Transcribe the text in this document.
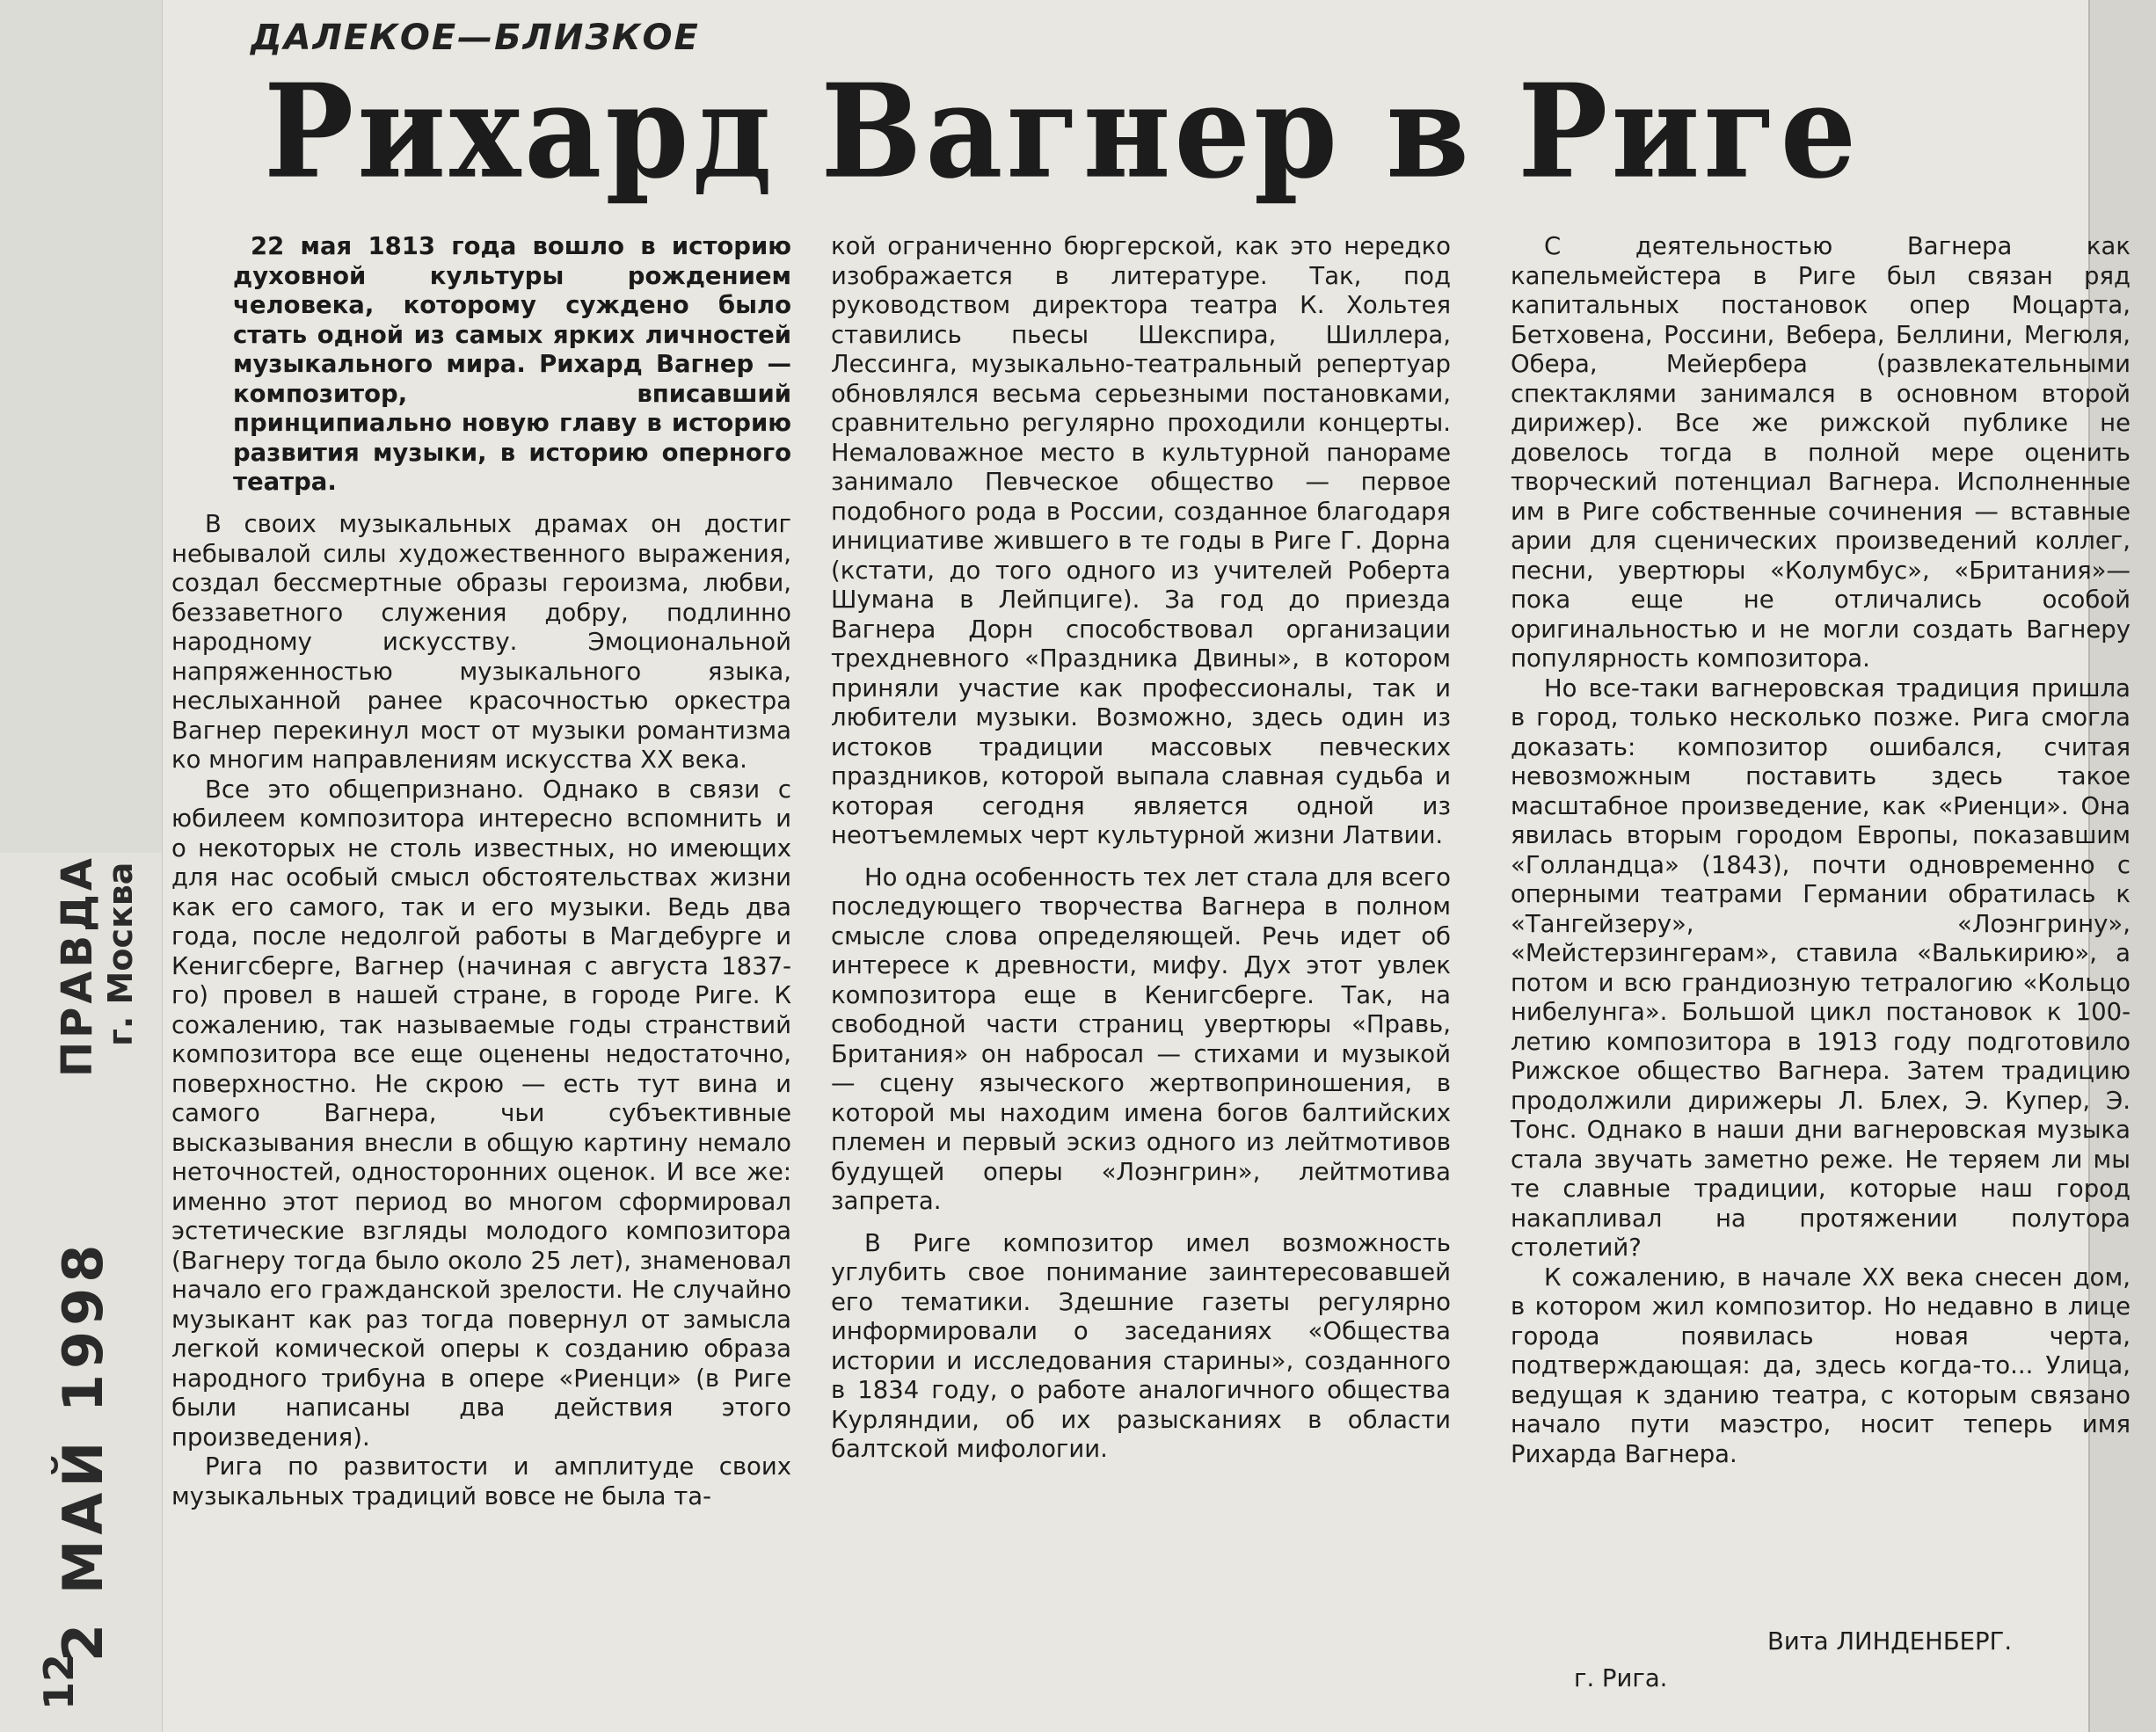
ПРАВДА г. Москва
2 МАЙ 1998
12
ДАЛЕКОЕ—БЛИЗКОЕ
Рихард Вагнер в Риге

22 мая 1813 года вошло в историю духовной культуры рождением человека, которому суждено было стать одной из самых ярких личностей музыкального мира. Рихард Вагнер — композитор, вписавший принципиально новую главу в историю развития музыки, в историю оперного театра.

В своих музыкальных драмах он достиг небывалой силы художественного выражения, создал бессмертные образы героизма, любви, беззаветного служения добру, подлинно народному искусству. Эмоциональной напряженностью музыкального языка, неслыханной ранее красочностью оркестра Вагнер перекинул мост от музыки романтизма ко многим направлениям искусства XX века.

Все это общепризнано. Однако в связи с юбилеем композитора интересно вспомнить и о некоторых не столь известных, но имеющих для нас особый смысл обстоятельствах жизни как его самого, так и его музыки. Ведь два года, после недолгой работы в Магдебурге и Кенигсберге, Вагнер (начиная с августа 1837-го) провел в нашей стране, в городе Риге. К сожалению, так называемые годы странствий композитора все еще оценены недостаточно, поверхностно. Не скрою — есть тут вина и самого Вагнера, чьи субъективные высказывания внесли в общую картину немало неточностей, односторонних оценок. И все же: именно этот период во многом сформировал эстетические взгляды молодого композитора (Вагнеру тогда было около 25 лет), знаменовал начало его гражданской зрелости. Не случайно музыкант как раз тогда повернул от замысла легкой комической оперы к созданию образа народного трибуна в опере «Риенци» (в Риге были написаны два действия этого произведения).

Рига по развитости и амплитуде своих музыкальных традиций вовсе не была та-

кой ограниченно бюргерской, как это нередко изображается в литературе. Так, под руководством директора театра К. Хольтея ставились пьесы Шекспира, Шиллера, Лессинга, музыкально-театральный репертуар обновлялся весьма серьезными постановками, сравнительно регулярно проходили концерты. Немаловажное место в культурной панораме занимало Певческое общество — первое подобного рода в России, созданное благодаря инициативе жившего в те годы в Риге Г. Дорна (кстати, до того одного из учителей Роберта Шумана в Лейпциге). За год до приезда Вагнера Дорн способствовал организации трехдневного «Праздника Двины», в котором приняли участие как профессионалы, так и любители музыки. Возможно, здесь один из истоков традиции массовых певческих праздников, которой выпала славная судьба и которая сегодня является одной из неотъемлемых черт культурной жизни Латвии.

Но одна особенность тех лет стала для всего последующего творчества Вагнера в полном смысле слова определяющей. Речь идет об интересе к древности, мифу. Дух этот увлек композитора еще в Кенигсберге. Так, на свободной части страниц увертюры «Правь, Британия» он набросал — стихами и музыкой — сцену языческого жертвоприношения, в которой мы находим имена богов балтийских племен и первый эскиз одного из лейтмотивов будущей оперы «Лоэнгрин», лейтмотива запрета.

В Риге композитор имел возможность углубить свое понимание заинтересовавшей его тематики. Здешние газеты регулярно информировали о заседаниях «Общества истории и исследования старины», созданного в 1834 году, о работе аналогичного общества Курляндии, об их разысканиях в области балтской мифологии.

С деятельностью Вагнера как капельмейстера в Риге был связан ряд капитальных постановок опер Моцарта, Бетховена, Россини, Вебера, Беллини, Мегюля, Обера, Мейербера (развлекательными спектаклями занимался в основном второй дирижер). Все же рижской публике не довелось тогда в полной мере оценить творческий потенциал Вагнера. Исполненные им в Риге собственные сочинения — вставные арии для сценических произведений коллег, песни, увертюры «Колумбус», «Британия»—пока еще не отличались особой оригинальностью и не могли создать Вагнеру популярность композитора.

Но все-таки вагнеровская традиция пришла в город, только несколько позже. Рига смогла доказать: композитор ошибался, считая невозможным поставить здесь такое масштабное произведение, как «Риенци». Она явилась вторым городом Европы, показавшим «Голландца» (1843), почти одновременно с оперными театрами Германии обратилась к «Тангейзеру», «Лоэнгрину», «Мейстерзингерам», ставила «Валькирию», а потом и всю грандиозную тетралогию «Кольцо нибелунга». Большой цикл постановок к 100-летию композитора в 1913 году подготовило Рижское общество Вагнера. Затем традицию продолжили дирижеры Л. Блех, Э. Купер, Э. Тонс. Однако в наши дни вагнеровская музыка стала звучать заметно реже. Не теряем ли мы те славные традиции, которые наш город накапливал на протяжении полутора столетий?

К сожалению, в начале XX века снесен дом, в котором жил композитор. Но недавно в лице города появилась новая черта, подтверждающая: да, здесь когда-то... Улица, ведущая к зданию театра, с которым связано начало пути маэстро, носит теперь имя Рихарда Вагнера.

Вита ЛИНДЕНБЕРГ.
г. Рига.
